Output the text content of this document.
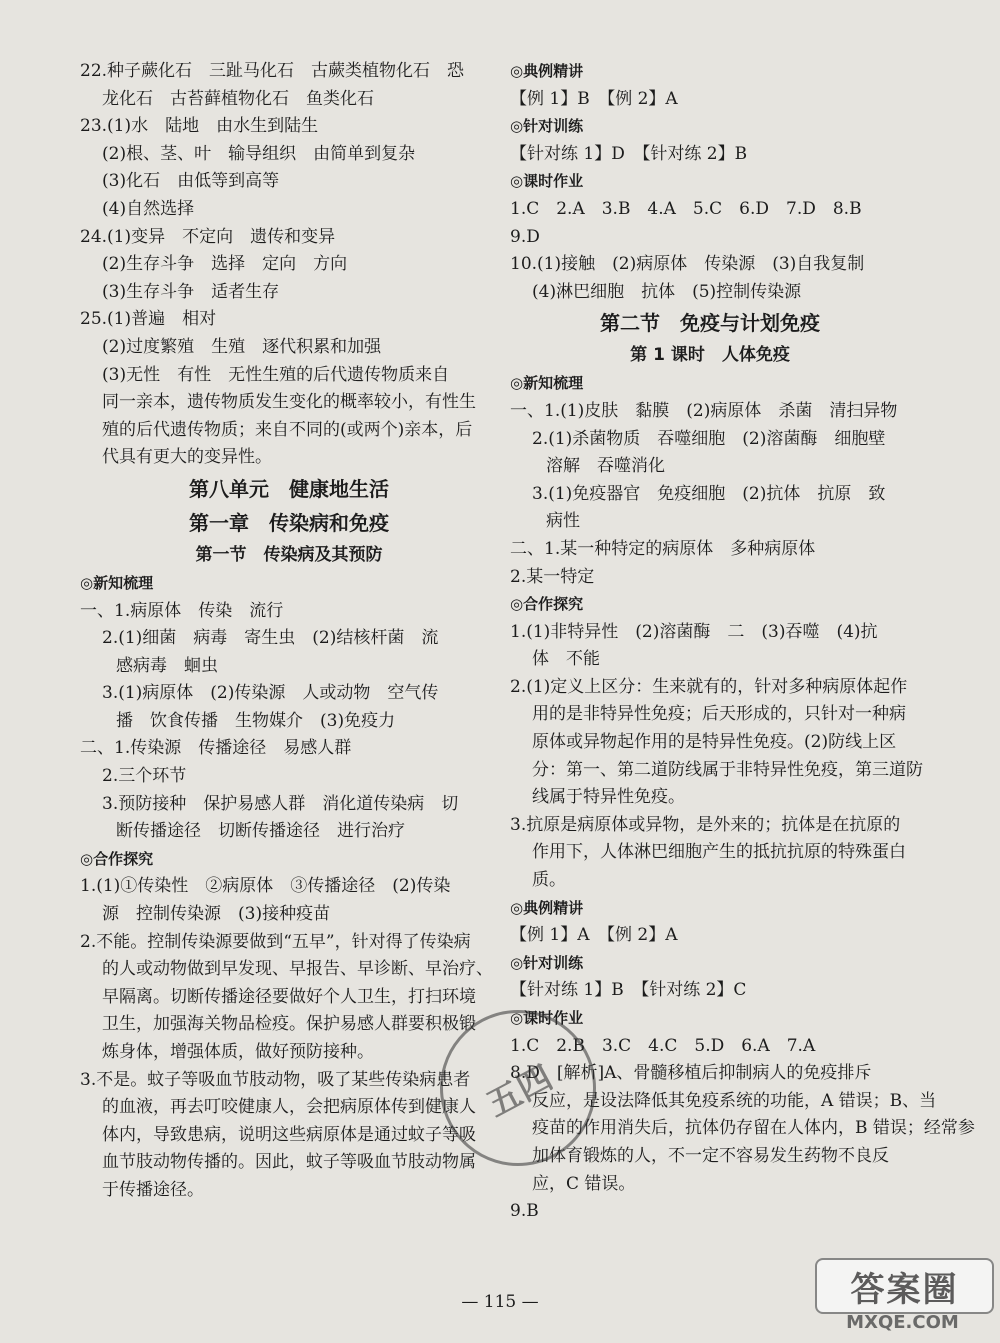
22.种子蕨化石　三趾马化石　古蕨类植物化石　恐
龙化石　古苔藓植物化石　鱼类化石
23.(1)水　陆地　由水生到陆生
(2)根、茎、叶　输导组织　由简单到复杂
(3)化石　由低等到高等
(4)自然选择
24.(1)变异　不定向　遗传和变异
(2)生存斗争　选择　定向　方向
(3)生存斗争　适者生存
25.(1)普遍　相对
(2)过度繁殖　生殖　逐代积累和加强
(3)无性　有性　无性生殖的后代遗传物质来自
同一亲本，遗传物质发生变化的概率较小，有性生
殖的后代遗传物质；来自不同的(或两个)亲本，后
代具有更大的变异性。
第八单元　健康地生活
第一章　传染病和免疫
第一节　传染病及其预防
◎新知梳理
一、1.病原体　传染　流行
2.(1)细菌　病毒　寄生虫　(2)结核杆菌　流
感病毒　蛔虫
3.(1)病原体　(2)传染源　人或动物　空气传
播　饮食传播　生物媒介　(3)免疫力
二、1.传染源　传播途径　易感人群
2.三个环节
3.预防接种　保护易感人群　消化道传染病　切
断传播途径　切断传播途径　进行治疗
◎合作探究
1.(1)①传染性　②病原体　③传播途径　(2)传染
源　控制传染源　(3)接种疫苗
2.不能。控制传染源要做到“五早”，针对得了传染病
的人或动物做到早发现、早报告、早诊断、早治疗、
早隔离。切断传播途径要做好个人卫生，打扫环境
卫生，加强海关物品检疫。保护易感人群要积极锻
炼身体，增强体质，做好预防接种。
3.不是。蚊子等吸血节肢动物，吸了某些传染病患者
的血液，再去叮咬健康人，会把病原体传到健康人
体内，导致患病，说明这些病原体是通过蚊子等吸
血节肢动物传播的。因此，蚊子等吸血节肢动物属
于传播途径。
◎典例精讲
【例 1】B　【例 2】A
◎针对训练
【针对练 1】D　【针对练 2】B
◎课时作业
1.C　2.A　3.B　4.A　5.C　6.D　7.D　8.B
9.D
10.(1)接触　(2)病原体　传染源　(3)自我复制
(4)淋巴细胞　抗体　(5)控制传染源
第二节　免疫与计划免疫
第 1 课时　人体免疫
◎新知梳理
一、1.(1)皮肤　黏膜　(2)病原体　杀菌　清扫异物
2.(1)杀菌物质　吞噬细胞　(2)溶菌酶　细胞壁
溶解　吞噬消化
3.(1)免疫器官　免疫细胞　(2)抗体　抗原　致
病性
二、1.某一种特定的病原体　多种病原体
2.某一特定
◎合作探究
1.(1)非特异性　(2)溶菌酶　二　(3)吞噬　(4)抗
体　不能
2.(1)定义上区分：生来就有的，针对多种病原体起作
用的是非特异性免疫；后天形成的，只针对一种病
原体或异物起作用的是特异性免疫。(2)防线上区
分：第一、第二道防线属于非特异性免疫，第三道防
线属于特异性免疫。
3.抗原是病原体或异物，是外来的；抗体是在抗原的
作用下，人体淋巴细胞产生的抵抗抗原的特殊蛋白
质。
◎典例精讲
【例 1】A　【例 2】A
◎针对训练
【针对练 1】B　【针对练 2】C
◎课时作业
1.C　2.B　3.C　4.C　5.D　6.A　7.A
8.D　[解析]A、骨髓移植后抑制病人的免疫排斥
反应，是设法降低其免疫系统的功能，A 错误；B、当
疫苗的作用消失后，抗体仍存留在人体内，B 错误；经常参
加体育锻炼的人，不一定不容易发生药物不良反
应，C 错误。
9.B
五四
— 115 —	答案圈
MXQE.COM
